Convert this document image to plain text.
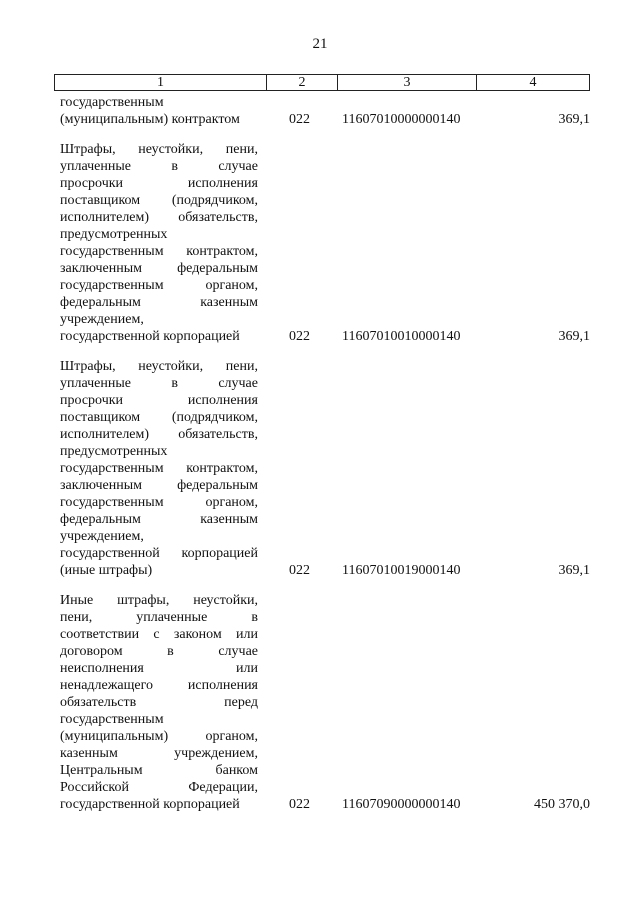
21
1	2	3	4
государственным
(муниципальным) контрактом	022 11607010000000140	369,1
Штрафы, неустойки, пени,
уплаченные в случае
просрочки исполнения
поставщиком (подрядчиком,
исполнителем) обязательств,
предусмотренных
государственным контрактом,
заключенным федеральным
государственным органом,
федеральным казенным
учреждением,
государственной корпорацией	022 11607010010000140	369,1
Штрафы, неустойки, пени,
уплаченные в случае
просрочки исполнения
поставщиком (подрядчиком,
исполнителем) обязательств,
предусмотренных
государственным контрактом,
заключенным федеральным
государственным органом,
федеральным казенным
учреждением,
государственной корпорацией
(иные штрафы)	022 11607010019000140	369,1
Иные штрафы, неустойки,
пени, уплаченные в
соответствии с законом или
договором в случае
неисполнения или
ненадлежащего исполнения
обязательств перед
государственным
(муниципальным) органом,
казенным учреждением,
Центральным банком
Российской Федерации,
государственной корпорацией	022 11607090000000140	450 370,0
